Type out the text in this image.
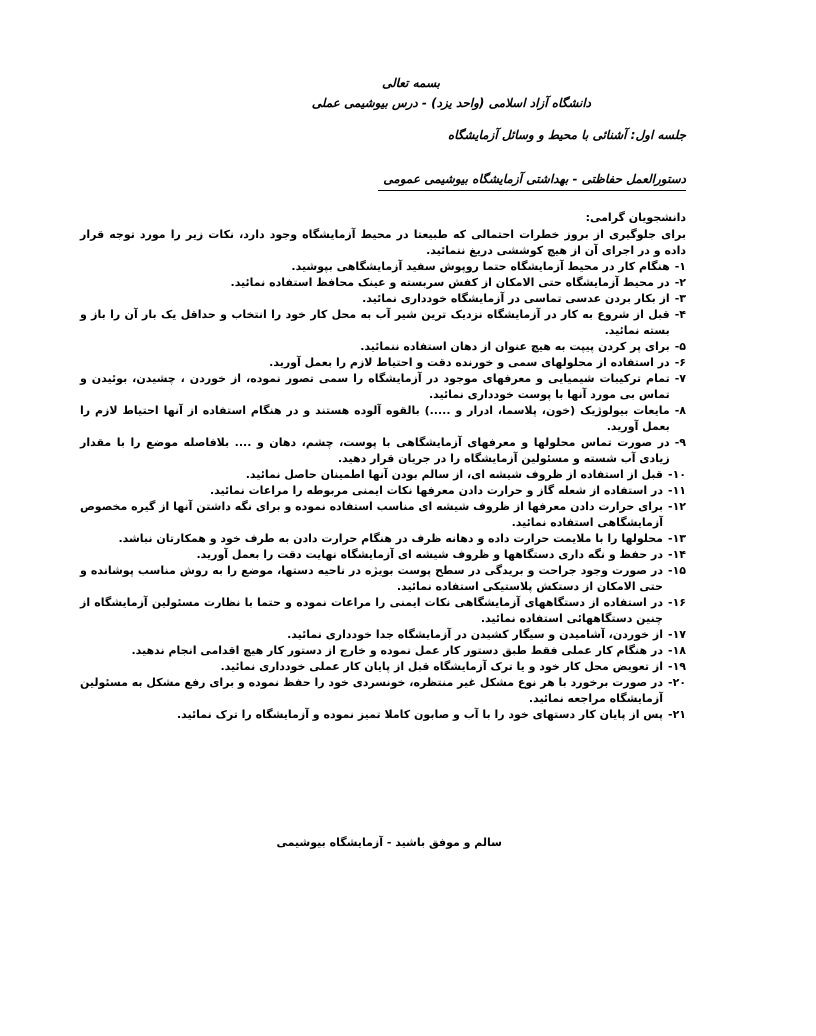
بسمه تعالی
دانشگاه آزاد اسلامی (واحد یزد) - درس بیوشیمی عملی
جلسه اول: آشنائی با محیط و وسائل آزمایشگاه
دستورالعمل حفاظتی - بهداشتی آزمایشگاه بیوشیمی عمومی
دانشجویان گرامی:
برای جلوگیری از بروز خطرات احتمالی که طبیعتا در محیط آزمایشگاه وجود دارد، نکات زیر را مورد توجه قرار داده و در اجرای آن از هیچ کوششی دریغ ننمائید.
۱-
هنگام کار در محیط آزمایشگاه حتما روپوش سفید آزمایشگاهی بپوشید.
۲-
در محیط آزمایشگاه حتی الامکان از کفش سربسته و عینک محافظ استفاده نمائید.
۳-
از بکار بردن عدسی تماسی در آزمایشگاه خودداری نمائید.
۴-
قبل از شروع به کار در آزمایشگاه نزدیک ترین شیر آب به محل کار خود را انتخاب و حداقل یک بار آن را باز و بسته نمائید.
۵-
برای پر کردن پیپت به هیچ عنوان از دهان استفاده ننمائید.
۶-
در استفاده از محلولهای سمی و خورنده دقت و احتیاط لازم را بعمل آورید.
۷-
تمام ترکیبات شیمیایی و معرفهای موجود در آزمایشگاه را سمی تصور نموده، از خوردن ، چشیدن، بوئیدن و تماس بی مورد آنها با پوست خودداری نمائید.
۸-
مایعات بیولوژیک (خون، پلاسما، ادرار و .....) بالقوه آلوده هستند و در هنگام استفاده از آنها احتیاط لازم را بعمل آورید.
۹-
در صورت تماس محلولها و معرفهای آزمایشگاهی با پوست، چشم، دهان و .... بلافاصله موضع را با مقدار زیادی آب شسته و مسئولین آزمایشگاه را در جریان قرار دهید.
۱۰-
قبل از استفاده از ظروف شیشه ای، از سالم بودن آنها اطمینان حاصل نمائید.
۱۱-
در استفاده از شعله گاز و حرارت دادن معرفها نکات ایمنی مربوطه را مراعات نمائید.
۱۲-
برای حرارت دادن معرفها از ظروف شیشه ای مناسب استفاده نموده و برای نگه داشتن آنها از گیره مخصوص آزمایشگاهی استفاده نمائید.
۱۳-
محلولها را با ملایمت حرارت داده و دهانه ظرف در هنگام حرارت دادن به طرف خود و همکارتان نباشد.
۱۴-
در حفظ و نگه داری دستگاهها و ظروف شیشه ای آزمایشگاه نهایت دقت را بعمل آورید.
۱۵-
در صورت وجود جراحت و بریدگی در سطح پوست بویژه در ناحیه دستها، موضع را به روش مناسب پوشانده و حتی الامکان از دستکش پلاستیکی استفاده نمائید.
۱۶-
در استفاده از دستگاههای آزمایشگاهی نکات ایمنی را مراعات نموده و حتما با نظارت مسئولین آزمایشگاه از چنین دستگاههائی استفاده نمائید.
۱۷-
از خوردن، آشامیدن و سیگار کشیدن در آزمایشگاه جدا خودداری نمائید.
۱۸-
در هنگام کار عملی فقط طبق دستور کار عمل نموده و خارج از دستور کار هیچ اقدامی انجام ندهید.
۱۹-
از تعویض محل کار خود و یا ترک آزمایشگاه قبل از پایان کار عملی خودداری نمائید.
۲۰-
در صورت برخورد با هر نوع مشکل غیر منتظره، خونسردی خود را حفظ نموده و برای رفع مشکل به مسئولین آزمایشگاه مراجعه نمائید.
۲۱-
پس از پایان کار دستهای خود را با آب و صابون کاملا تمیز نموده و آزمایشگاه را ترک نمائید.
سالم و موفق باشید - آزمایشگاه بیوشیمی
